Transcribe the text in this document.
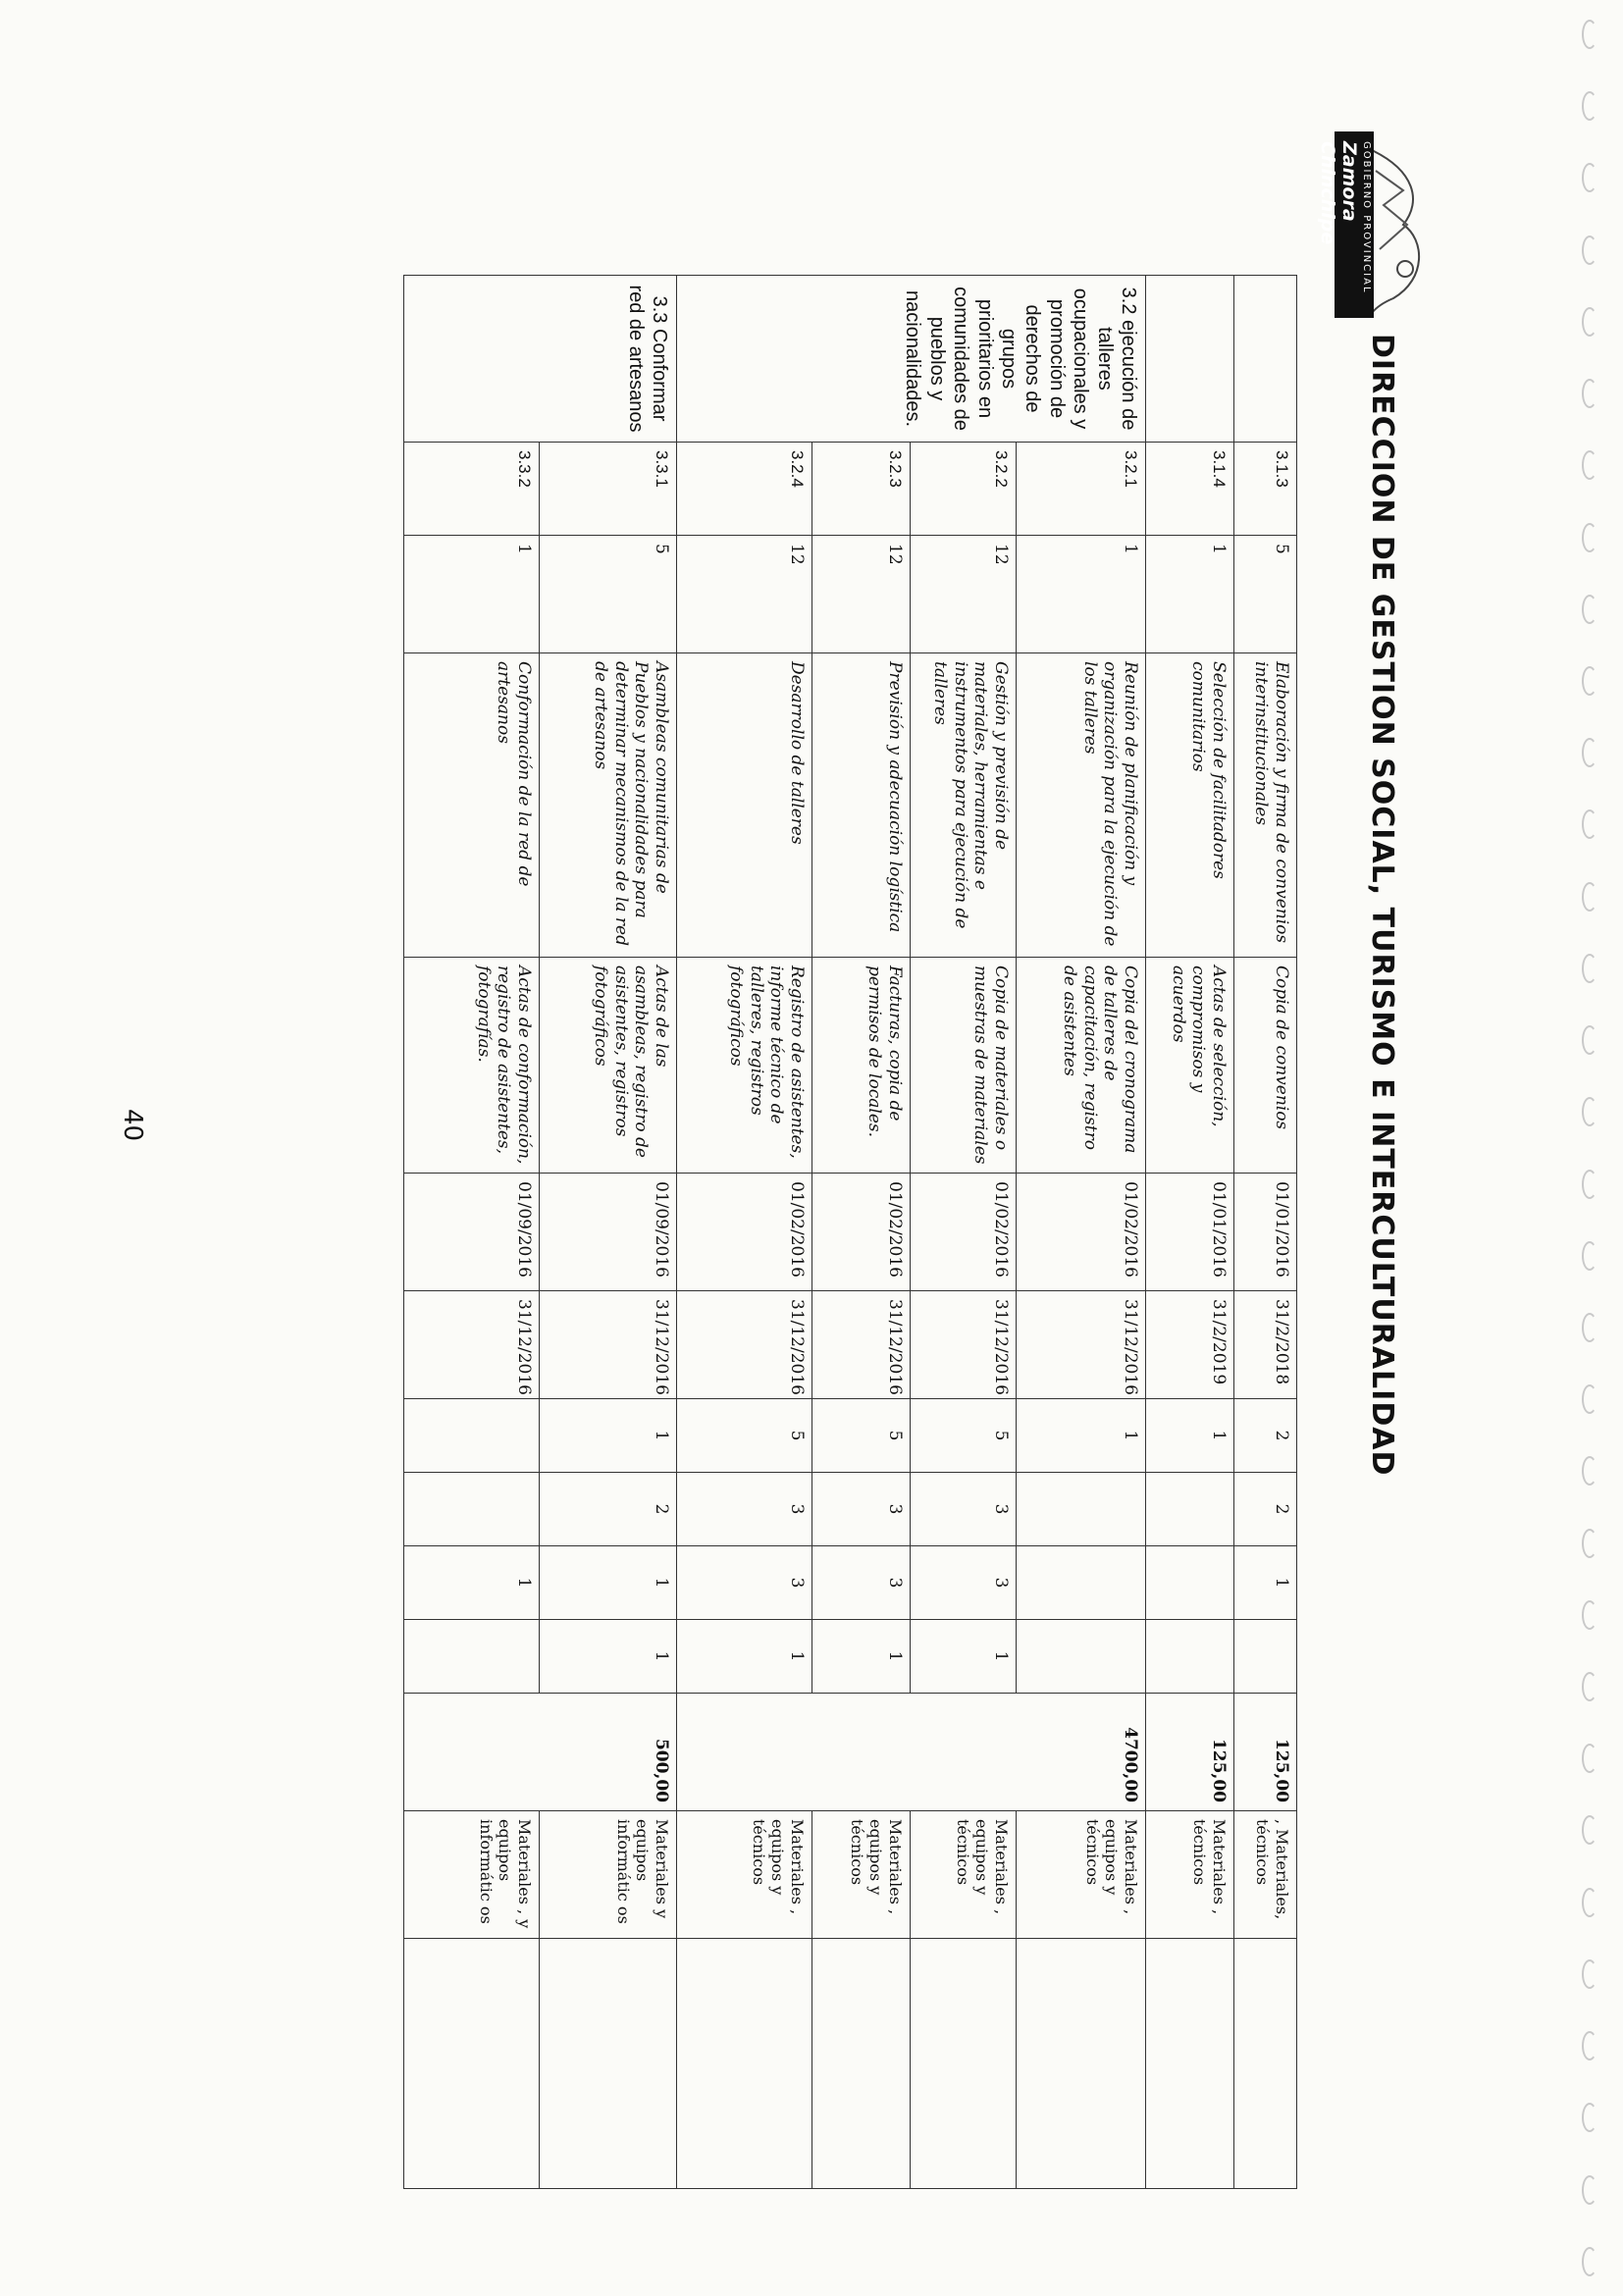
GOBIERNO PROVINCIAL
Zamora Chinchipe
DIRECCION DE GESTION SOCIAL, TURISMO E INTERCULTURALIDAD
	3.1.3	5	Elaboración y firma de convenios interinstitucionales	Copia de convenios	01/01/2016	31/2/2018	2	2	1		125,00	, Materiales, técnicos	
	3.1.4	1	Selección de facilitadores comunitarios	Actas de selección, compromisos y acuerdos	01/01/2016	31/2/2019	1				125,00	Materiales , técnicos	
3.2 ejecución de talleres ocupacionales y promoción de derechos de grupos prioritarios en comunidades de pueblos y nacionalidades.	3.2.1	1	Reunión de planificación y organización para la ejecución de los talleres	Copia del cronograma de talleres de capacitación, registro de asistentes	01/02/2016	31/12/2016	1				4700,00	Materiales , equipos y técnicos	
	3.2.2	12	Gestión y previsión de materiales, herramientas e instrumentos para ejecución de talleres	Copia de materiales o muestras de materiales	01/02/2016	31/12/2016	5	3	3	1		Materiales , equipos y técnicos	
	3.2.3	12	Previsión y adecuación logística	Facturas, copia de permisos de locales.	01/02/2016	31/12/2016	5	3	3	1		Materiales , equipos y técnicos	
	3.2.4	12	Desarrollo de talleres	Registro de asistentes, informe técnico de talleres, registros fotográficos	01/02/2016	31/12/2016	5	3	3	1		Materiales , equipos y técnicos	
3.3 Conformar red de artesanos	3.3.1	5	Asambleas comunitarias de Pueblos y nacionalidades para determinar mecanismos de la red de artesanos	Actas de las asambleas, registro de asistentes, registros fotográficos	01/09/2016	31/12/2016	1	2	1	1	500,00	Materiales y equipos informátic os	
	3.3.2	1	Conformación de la red de artesanos	Actas de conformación, registro de asistentes, fotografías.	01/09/2016	31/12/2016			1			Materiales , y equipos informátic os	
40
